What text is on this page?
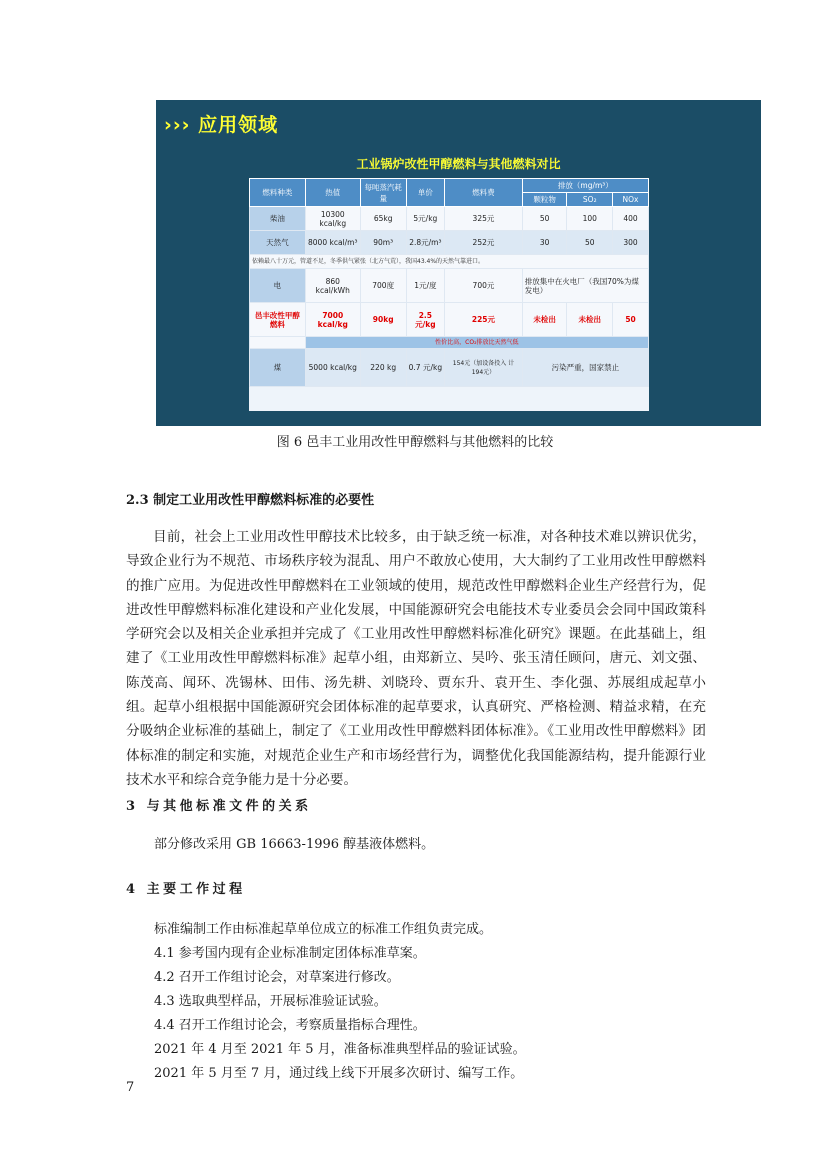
››› 应用领域
工业锅炉改性甲醇燃料与其他燃料对比
燃料种类	热值	每吨蒸汽耗量	单价	燃料费	排放（mg/m³）		
					颗粒物	SO₂	NOx
柴油	10300 kcal/kg	65kg	5元/kg	325元	50	100	400
天然气	8000 kcal/m³	90m³	2.8元/m³	252元	30	50	300
依赖最八十万元，管道不足，冬季供气紧张（北方气荒），我国43.4%的天然气靠进口。							
电	860 kcal/kWh	700度	1元/度	700元	排放集中在火电厂（我国70%为煤发电）		
邑丰改性甲醇燃料	7000 kcal/kg	90kg	2.5 元/kg	225元	未检出	未检出	50
	性价比高，CO₂排放比天然气低						
煤	5000 kcal/kg	220 kg	0.7 元/kg	154元（加设备投入 计194元）	污染严重，国家禁止		
图 6 邑丰工业用改性甲醇燃料与其他燃料的比较
2.3 制定工业用改性甲醇燃料标准的必要性
目前，社会上工业用改性甲醇技术比较多，由于缺乏统一标准，对各种技术难以辨识优劣，导致企业行为不规范、市场秩序较为混乱、用户不敢放心使用，大大制约了工业用改性甲醇燃料的推广应用。为促进改性甲醇燃料在工业领域的使用，规范改性甲醇燃料企业生产经营行为，促进改性甲醇燃料标准化建设和产业化发展，中国能源研究会电能技术专业委员会会同中国政策科学研究会以及相关企业承担并完成了《工业用改性甲醇燃料标准化研究》课题。在此基础上，组建了《工业用改性甲醇燃料标准》起草小组，由郑新立、吴吟、张玉清任顾问，唐元、刘文强、陈茂高、闻环、冼锡林、田伟、汤先耕、刘晓玲、贾东升、袁开生、李化强、苏展组成起草小组。起草小组根据中国能源研究会团体标准的起草要求，认真研究、严格检测、精益求精，在充分吸纳企业标准的基础上，制定了《工业用改性甲醇燃料团体标准》。《工业用改性甲醇燃料》团体标准的制定和实施，对规范企业生产和市场经营行为，调整优化我国能源结构，提升能源行业技术水平和综合竞争能力是十分必要。
3 与其他标准文件的关系
部分修改采用 GB 16663-1996 醇基液体燃料。
4 主要工作过程
标准编制工作由标准起草单位成立的标准工作组负责完成。
4.1 参考国内现有企业标准制定团体标准草案。
4.2 召开工作组讨论会，对草案进行修改。
4.3 选取典型样品，开展标准验证试验。
4.4 召开工作组讨论会，考察质量指标合理性。
2021 年 4 月至 2021 年 5 月，准备标准典型样品的验证试验。
2021 年 5 月至 7 月，通过线上线下开展多次研讨、编写工作。
7
